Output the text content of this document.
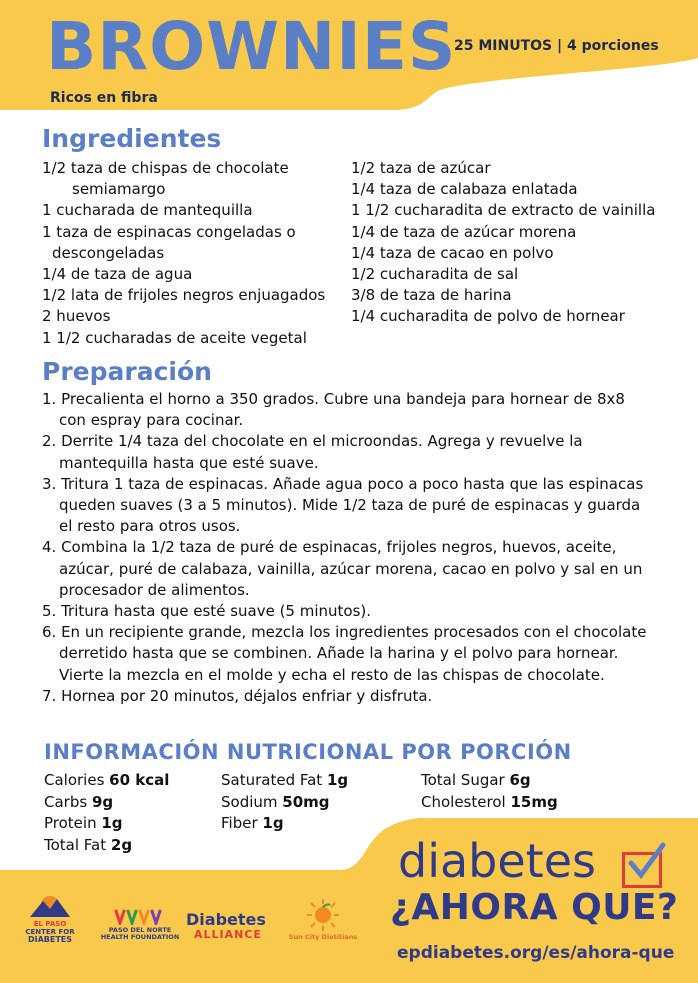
BROWNIES
25 MINUTOS | 4 porciones
Ricos en fibra
Ingredientes
1/2 taza de chispas de chocolate
semiamargo
1 cucharada de mantequilla
1 taza de espinacas congeladas o
descongeladas
1/4 de taza de agua
1/2 lata de frijoles negros enjuagados
2 huevos
1 1/2 cucharadas de aceite vegetal
1/2 taza de azúcar
1/4 taza de calabaza enlatada
1 1/2 cucharadita de extracto de vainilla
1/4 de taza de azúcar morena
1/4 taza de cacao en polvo
1/2 cucharadita de sal
3/8 de taza de harina
1/4 cucharadita de polvo de hornear
Preparación
1. Precalienta el horno a 350 grados. Cubre una bandeja para hornear de 8x8 con espray para cocinar.
2. Derrite 1/4 taza del chocolate en el microondas. Agrega y revuelve la mantequilla hasta que esté suave.
3. Tritura 1 taza de espinacas. Añade agua poco a poco hasta que las espinacas queden suaves (3 a 5 minutos). Mide 1/2 taza de puré de espinacas y guarda el resto para otros usos.
4. Combina la 1/2 taza de puré de espinacas, frijoles negros, huevos, aceite, azúcar, puré de calabaza, vainilla, azúcar morena, cacao en polvo y sal en un procesador de alimentos.
5. Tritura hasta que esté suave (5 minutos).
6. En un recipiente grande, mezcla los ingredientes procesados con el chocolate derretido hasta que se combinen. Añade la harina y el polvo para hornear. Vierte la mezcla en el molde y echa el resto de las chispas de chocolate.
7. Hornea por 20 minutos, déjalos enfriar y disfruta.
INFORMACIÓN NUTRICIONAL POR PORCIÓN
Calories 60 kcal
Carbs 9g
Protein 1g
Total Fat 2g
Saturated Fat 1g
Sodium 50mg
Fiber 1g
Total Sugar 6g
Cholesterol 15mg
diabetes
¿AHORA QUE?
epdiabetes.org/es/ahora-que
EL PASO
CENTER FOR
DIABETES
PASO DEL NORTE
HEALTH FOUNDATION
Diabetes
ALLIANCE	Sun City Dietitians
